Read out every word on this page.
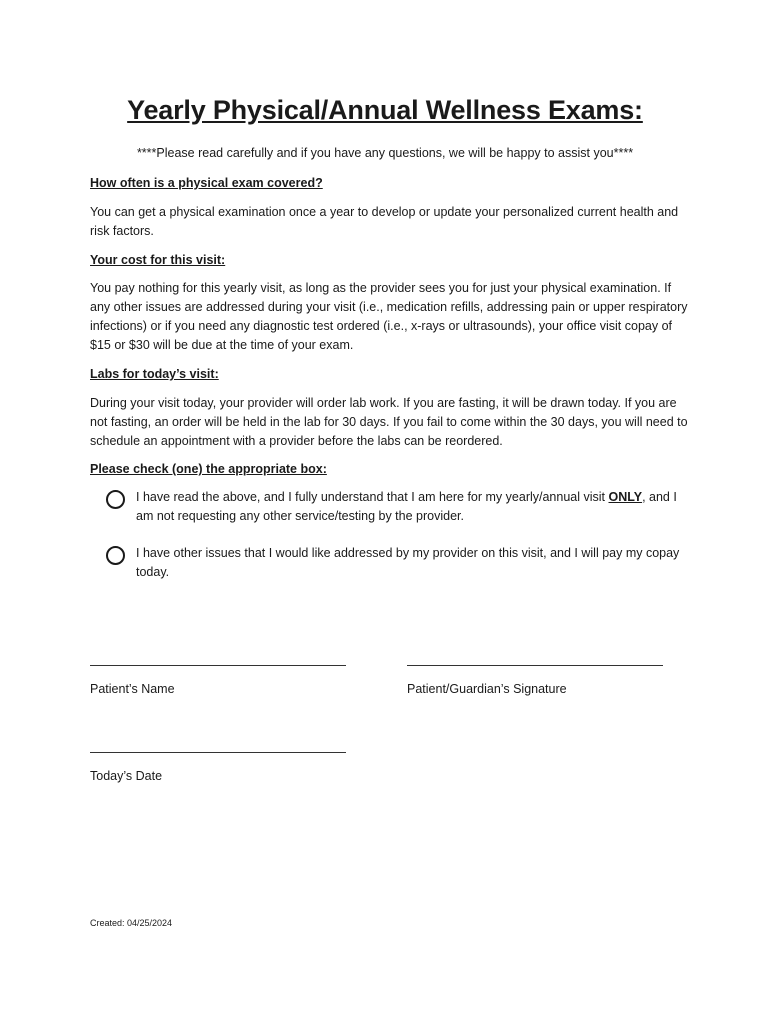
Yearly Physical/Annual Wellness Exams:
****Please read carefully and if you have any questions, we will be happy to assist you****
How often is a physical exam covered?
You can get a physical examination once a year to develop or update your personalized current health and risk factors.
Your cost for this visit:
You pay nothing for this yearly visit, as long as the provider sees you for just your physical examination. If any other issues are addressed during your visit (i.e., medication refills, addressing pain or upper respiratory infections) or if you need any diagnostic test ordered (i.e., x-rays or ultrasounds), your office visit copay of $15 or $30 will be due at the time of your exam.
Labs for today’s visit:
During your visit today, your provider will order lab work. If you are fasting, it will be drawn today. If you are not fasting, an order will be held in the lab for 30 days. If you fail to come within the 30 days, you will need to schedule an appointment with a provider before the labs can be reordered.
Please check (one) the appropriate box:
I have read the above, and I fully understand that I am here for my yearly/annual visit ONLY, and I am not requesting any other service/testing by the provider.
I have other issues that I would like addressed by my provider on this visit, and I will pay my copay today.
Patient’s Name	Patient/Guardian’s Signature
Today’s Date
Created: 04/25/2024
